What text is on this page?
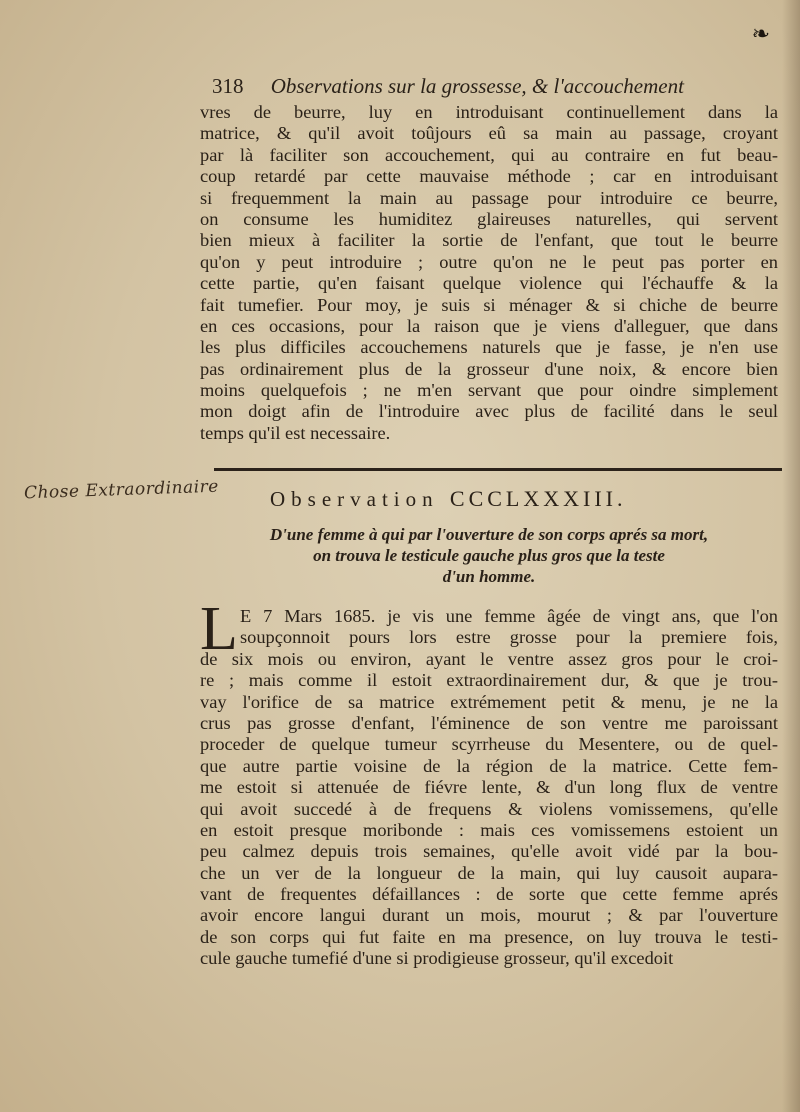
❧
318 Observations sur la grossesse, & l'accouchement
vres de beurre, luy en introduisant continuellement dans la
matrice, & qu'il avoit toûjours eû sa main au passage, croyant
par là faciliter son accouchement, qui au contraire en fut beau-
coup retardé par cette mauvaise méthode ; car en introduisant
si frequemment la main au passage pour introduire ce beurre,
on consume les humiditez glaireuses naturelles, qui servent
bien mieux à faciliter la sortie de l'enfant, que tout le beurre
qu'on y peut introduire ; outre qu'on ne le peut pas porter en
cette partie, qu'en faisant quelque violence qui l'échauffe & la
fait tumefier. Pour moy, je suis si ménager & si chiche de beurre
en ces occasions, pour la raison que je viens d'alleguer, que dans
les plus difficiles accouchemens naturels que je fasse, je n'en use
pas ordinairement plus de la grosseur d'une noix, & encore bien
moins quelquefois ; ne m'en servant que pour oindre simplement
mon doigt afin de l'introduire avec plus de facilité dans le seul
temps qu'il est necessaire.
Chose Extraordinaire Observation CCCLXXXIII.
D'une femme à qui par l'ouverture de son corps aprés sa mort,
on trouva le testicule gauche plus gros que la teste
d'un homme.
L E 7 Mars 1685. je vis une femme âgée de vingt ans, que l'on
soupçonnoit pours lors estre grosse pour la premiere fois,
de six mois ou environ, ayant le ventre assez gros pour le croi-
re ; mais comme il estoit extraordinairement dur, & que je trou-
vay l'orifice de sa matrice extrémement petit & menu, je ne la
crus pas grosse d'enfant, l'éminence de son ventre me paroissant
proceder de quelque tumeur scyrrheuse du Mesentere, ou de quel-
que autre partie voisine de la région de la matrice. Cette fem-
me estoit si attenuée de fiévre lente, & d'un long flux de ventre
qui avoit succedé à de frequens & violens vomissemens, qu'elle
en estoit presque moribonde : mais ces vomissemens estoient un
peu calmez depuis trois semaines, qu'elle avoit vidé par la bou-
che un ver de la longueur de la main, qui luy causoit aupara-
vant de frequentes défaillances : de sorte que cette femme aprés
avoir encore langui durant un mois, mourut ; & par l'ouverture
de son corps qui fut faite en ma presence, on luy trouva le testi-
cule gauche tumefié d'une si prodigieuse grosseur, qu'il excedoit
